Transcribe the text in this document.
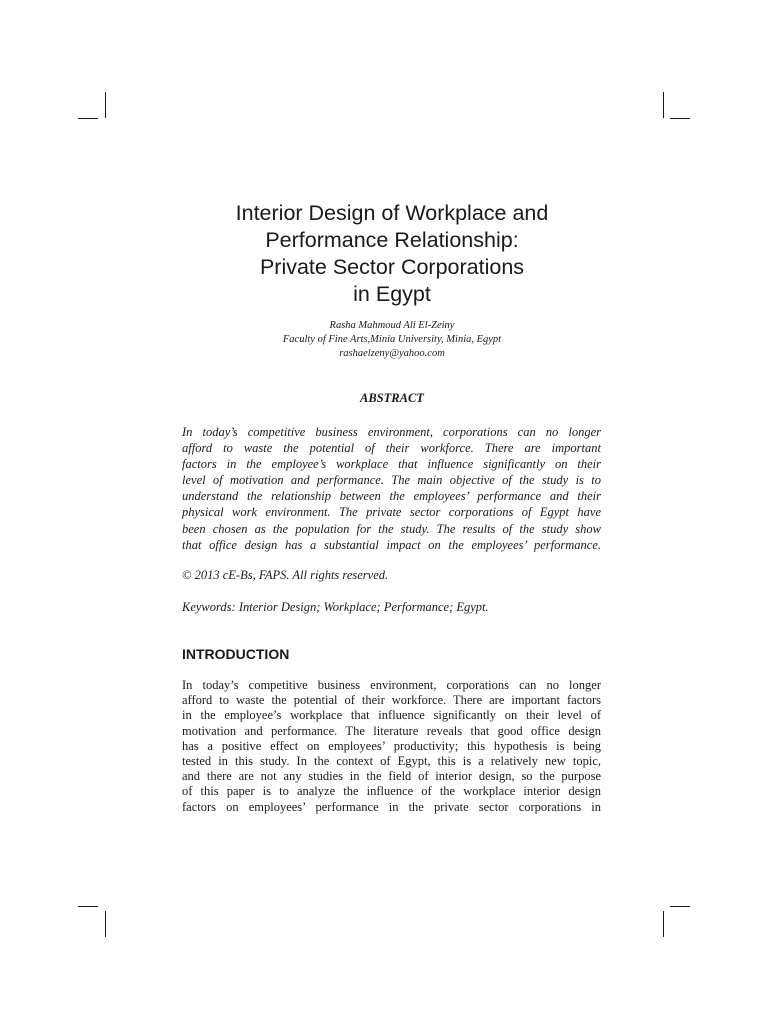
Interior Design of Workplace and
Performance Relationship:
Private Sector Corporations
in Egypt
Rasha Mahmoud Ali El-Zeiny
Faculty of Fine Arts,Minia University, Minia, Egypt
rashaelzeny@yahoo.com
ABSTRACT
In today’s competitive business environment, corporations can no longer
afford to waste the potential of their workforce. There are important
factors in the employee’s workplace that influence significantly on their
level of motivation and performance. The main objective of the study is to
understand the relationship between the employees’ performance and their
physical work environment. The private sector corporations of Egypt have
been chosen as the population for the study. The results of the study show
that office design has a substantial impact on the employees’ performance.
© 2013 cE-Bs, FAPS. All rights reserved.
Keywords: Interior Design; Workplace; Performance; Egypt.
INTRODUCTION
In today’s competitive business environment, corporations can no longer
afford to waste the potential of their workforce. There are important factors
in the employee’s workplace that influence significantly on their level of
motivation and performance. The literature reveals that good office design
has a positive effect on employees’ productivity; this hypothesis is being
tested in this study. In the context of Egypt, this is a relatively new topic,
and there are not any studies in the field of interior design, so the purpose
of this paper is to analyze the influence of the workplace interior design
factors on employees’ performance in the private sector corporations in
